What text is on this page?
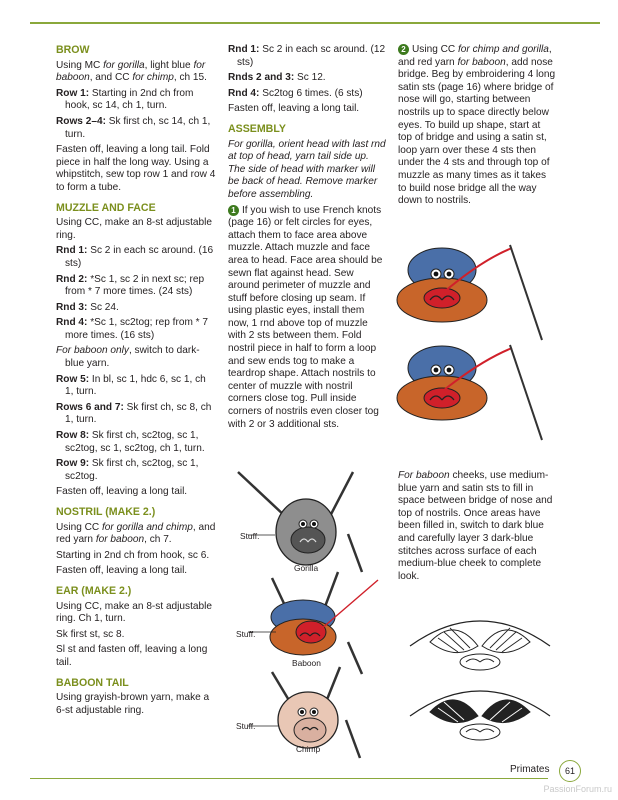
BROW

Using MC for gorilla, light blue for baboon, and CC for chimp, ch 15.

Row 1: Starting in 2nd ch from hook, sc 14, ch 1, turn.

Rows 2–4: Sk first ch, sc 14, ch 1, turn.

Fasten off, leaving a long tail. Fold piece in half the long way. Using a whipstitch, sew top row 1 and row 4 to form a tube.

MUZZLE AND FACE

Using CC, make an 8-st adjustable ring.

Rnd 1: Sc 2 in each sc around. (16 sts)

Rnd 2: *Sc 1, sc 2 in next sc; rep from * 7 more times. (24 sts)

Rnd 3: Sc 24.

Rnd 4: *Sc 1, sc2tog; rep from * 7 more times. (16 sts)

For baboon only, switch to dark-blue yarn.

Row 5: In bl, sc 1, hdc 6, sc 1, ch 1, turn.

Rows 6 and 7: Sk first ch, sc 8, ch 1, turn.

Row 8: Sk first ch, sc2tog, sc 1, sc2tog, sc 1, sc2tog, ch 1, turn.

Row 9: Sk first ch, sc2tog, sc 1, sc2tog.

Fasten off, leaving a long tail.

NOSTRIL (MAKE 2.)

Using CC for gorilla and chimp, and red yarn for baboon, ch 7.

Starting in 2nd ch from hook, sc 6.

Fasten off, leaving a long tail.

EAR (MAKE 2.)

Using CC, make an 8-st adjustable ring. Ch 1, turn.

Sk first st, sc 8.

Sl st and fasten off, leaving a long tail.

BABOON TAIL

Using grayish-brown yarn, make a 6-st adjustable ring.

Rnd 1: Sc 2 in each sc around. (12 sts)

Rnds 2 and 3: Sc 12.

Rnd 4: Sc2tog 6 times. (6 sts)

Fasten off, leaving a long tail.

ASSEMBLY

For gorilla, orient head with last rnd at top of head, yarn tail side up. The side of head with marker will be back of head. Remove marker before assembling.

1 If you wish to use French knots (page 16) or felt circles for eyes, attach them to face area above muzzle. Attach muzzle and face area to head. Face area should be sewn flat against head. Sew around perimeter of muzzle and stuff before closing up seam. If using plastic eyes, install them now, 1 rnd above top of muzzle with 2 sts between them. Fold nostril piece in half to form a loop and sew ends tog to make a teardrop shape. Attach nostrils to center of muzzle with nostril corners close tog. Pull inside corners of nostrils even closer tog with 2 or 3 additional sts.

2 Using CC for chimp and gorilla, and red yarn for baboon, add nose bridge. Beg by embroidering 4 long satin sts (page 16) where bridge of nose will go, starting between nostrils up to space directly below eyes. To build up shape, start at top of bridge and using a satin st, loop yarn over these 4 sts then under the 4 sts and through top of muzzle as many times as it takes to build nose bridge all the way down to nostrils.

For baboon cheeks, use medium-blue yarn and satin sts to fill in space between bridge of nose and top of nostrils. Once areas have been filled in, switch to dark blue and carefully layer 3 dark-blue stitches across surface of each medium-blue cheek to complete look.

Stuff.
Gorilla
Stuff.
Baboon
Stuff.
Chimp
Primates	61
PassionForum.ru
